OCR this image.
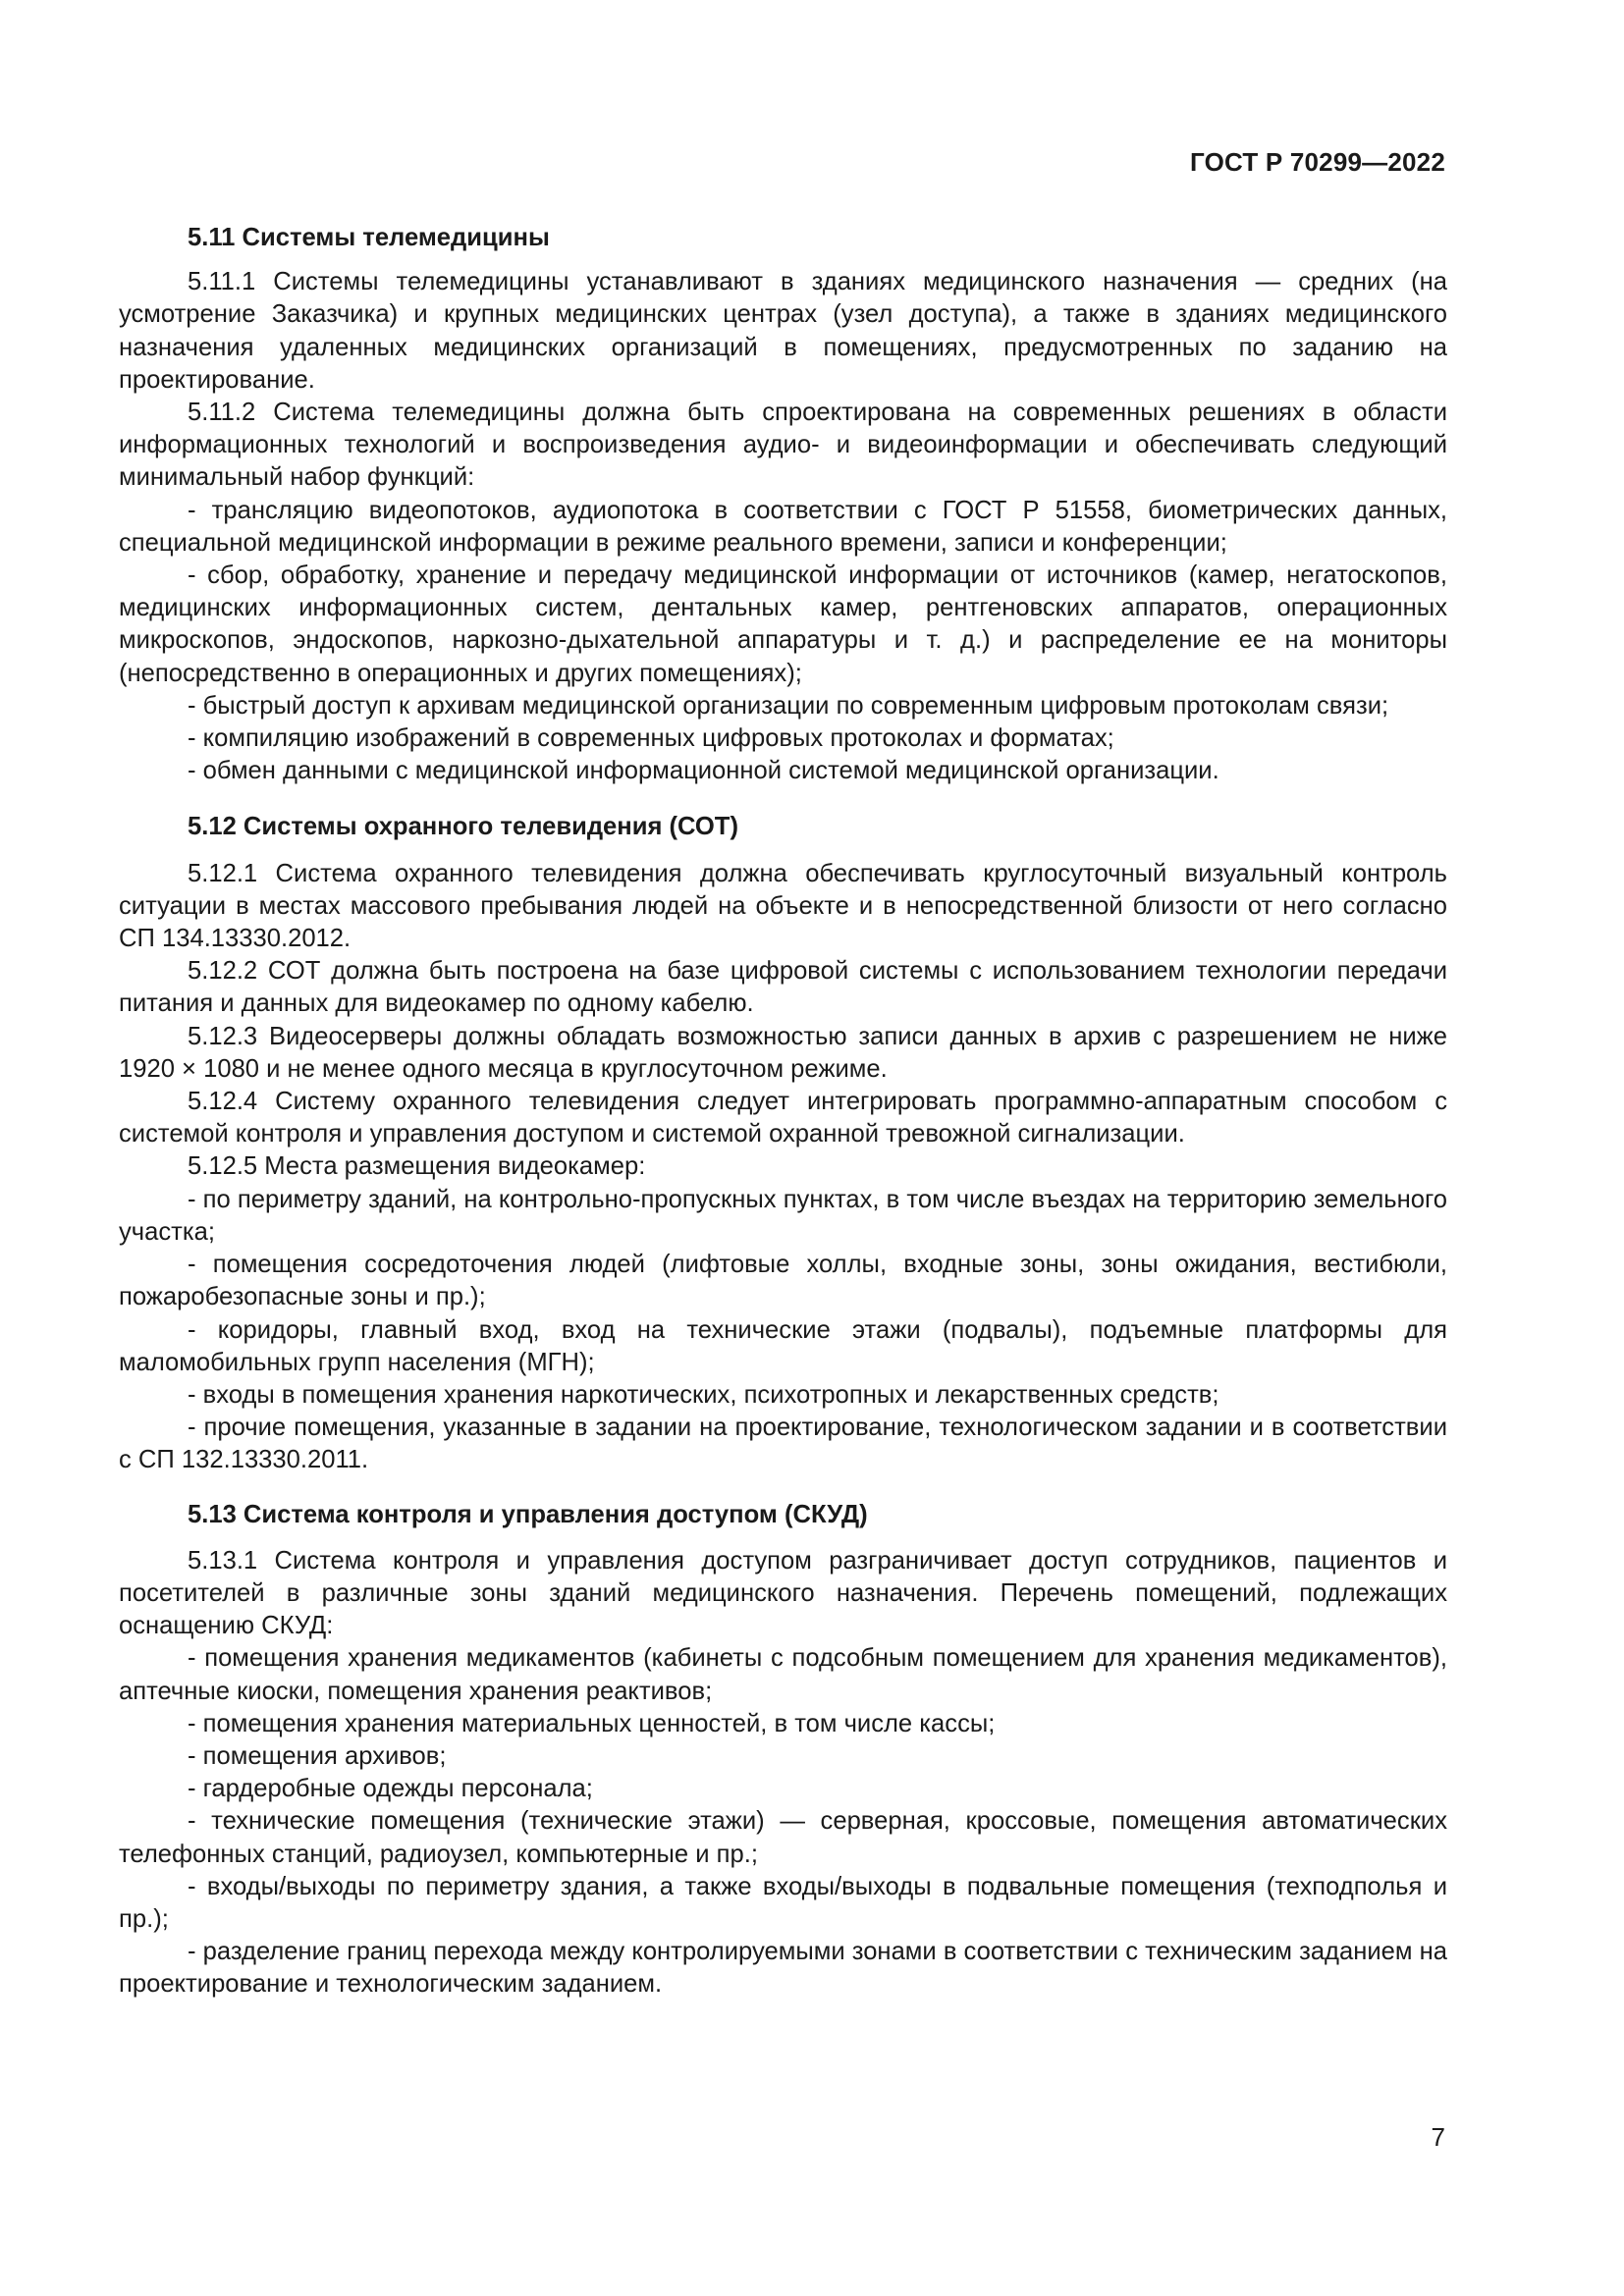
ГОСТ Р 70299—2022
5.11 Системы телемедицины

5.11.1 Системы телемедицины устанавливают в зданиях медицинского назначения — средних (на усмотрение Заказчика) и крупных медицинских центрах (узел доступа), а также в зданиях медицинского назначения удаленных медицинских организаций в помещениях, предусмотренных по заданию на проектирование.

5.11.2 Система телемедицины должна быть спроектирована на современных решениях в области информационных технологий и воспроизведения аудио- и видеоинформации и обеспечивать следующий минимальный набор функций:

- трансляцию видеопотоков, аудиопотока в соответствии с ГОСТ Р 51558, биометрических данных, специальной медицинской информации в режиме реального времени, записи и конференции;

- сбор, обработку, хранение и передачу медицинской информации от источников (камер, негатоскопов, медицинских информационных систем, дентальных камер, рентгеновских аппаратов, операционных микроскопов, эндоскопов, наркозно-дыхательной аппаратуры и т. д.) и распределение ее на мониторы (непосредственно в операционных и других помещениях);

- быстрый доступ к архивам медицинской организации по современным цифровым протоколам связи;

- компиляцию изображений в современных цифровых протоколах и форматах;

- обмен данными с медицинской информационной системой медицинской организации.

5.12 Системы охранного телевидения (СОТ)

5.12.1 Система охранного телевидения должна обеспечивать круглосуточный визуальный контроль ситуации в местах массового пребывания людей на объекте и в непосредственной близости от него согласно СП 134.13330.2012.

5.12.2 СОТ должна быть построена на базе цифровой системы с использованием технологии передачи питания и данных для видеокамер по одному кабелю.

5.12.3 Видеосерверы должны обладать возможностью записи данных в архив с разрешением не ниже 1920 × 1080 и не менее одного месяца в круглосуточном режиме.

5.12.4 Систему охранного телевидения следует интегрировать программно-аппаратным способом с системой контроля и управления доступом и системой охранной тревожной сигнализации.

5.12.5 Места размещения видеокамер:

- по периметру зданий, на контрольно-пропускных пунктах, в том числе въездах на территорию земельного участка;

- помещения сосредоточения людей (лифтовые холлы, входные зоны, зоны ожидания, вестибюли, пожаробезопасные зоны и пр.);

- коридоры, главный вход, вход на технические этажи (подвалы), подъемные платформы для маломобильных групп населения (МГН);

- входы в помещения хранения наркотических, психотропных и лекарственных средств;

- прочие помещения, указанные в задании на проектирование, технологическом задании и в соответствии с СП 132.13330.2011.

5.13 Система контроля и управления доступом (СКУД)

5.13.1 Система контроля и управления доступом разграничивает доступ сотрудников, пациентов и посетителей в различные зоны зданий медицинского назначения. Перечень помещений, подлежащих оснащению СКУД:

- помещения хранения медикаментов (кабинеты с подсобным помещением для хранения медикаментов), аптечные киоски, помещения хранения реактивов;

- помещения хранения материальных ценностей, в том числе кассы;

- помещения архивов;

- гардеробные одежды персонала;

- технические помещения (технические этажи) — серверная, кроссовые, помещения автоматических телефонных станций, радиоузел, компьютерные и пр.;

- входы/выходы по периметру здания, а также входы/выходы в подвальные помещения (техподполья и пр.);

- разделение границ перехода между контролируемыми зонами в соответствии с техническим заданием на проектирование и технологическим заданием.

7
